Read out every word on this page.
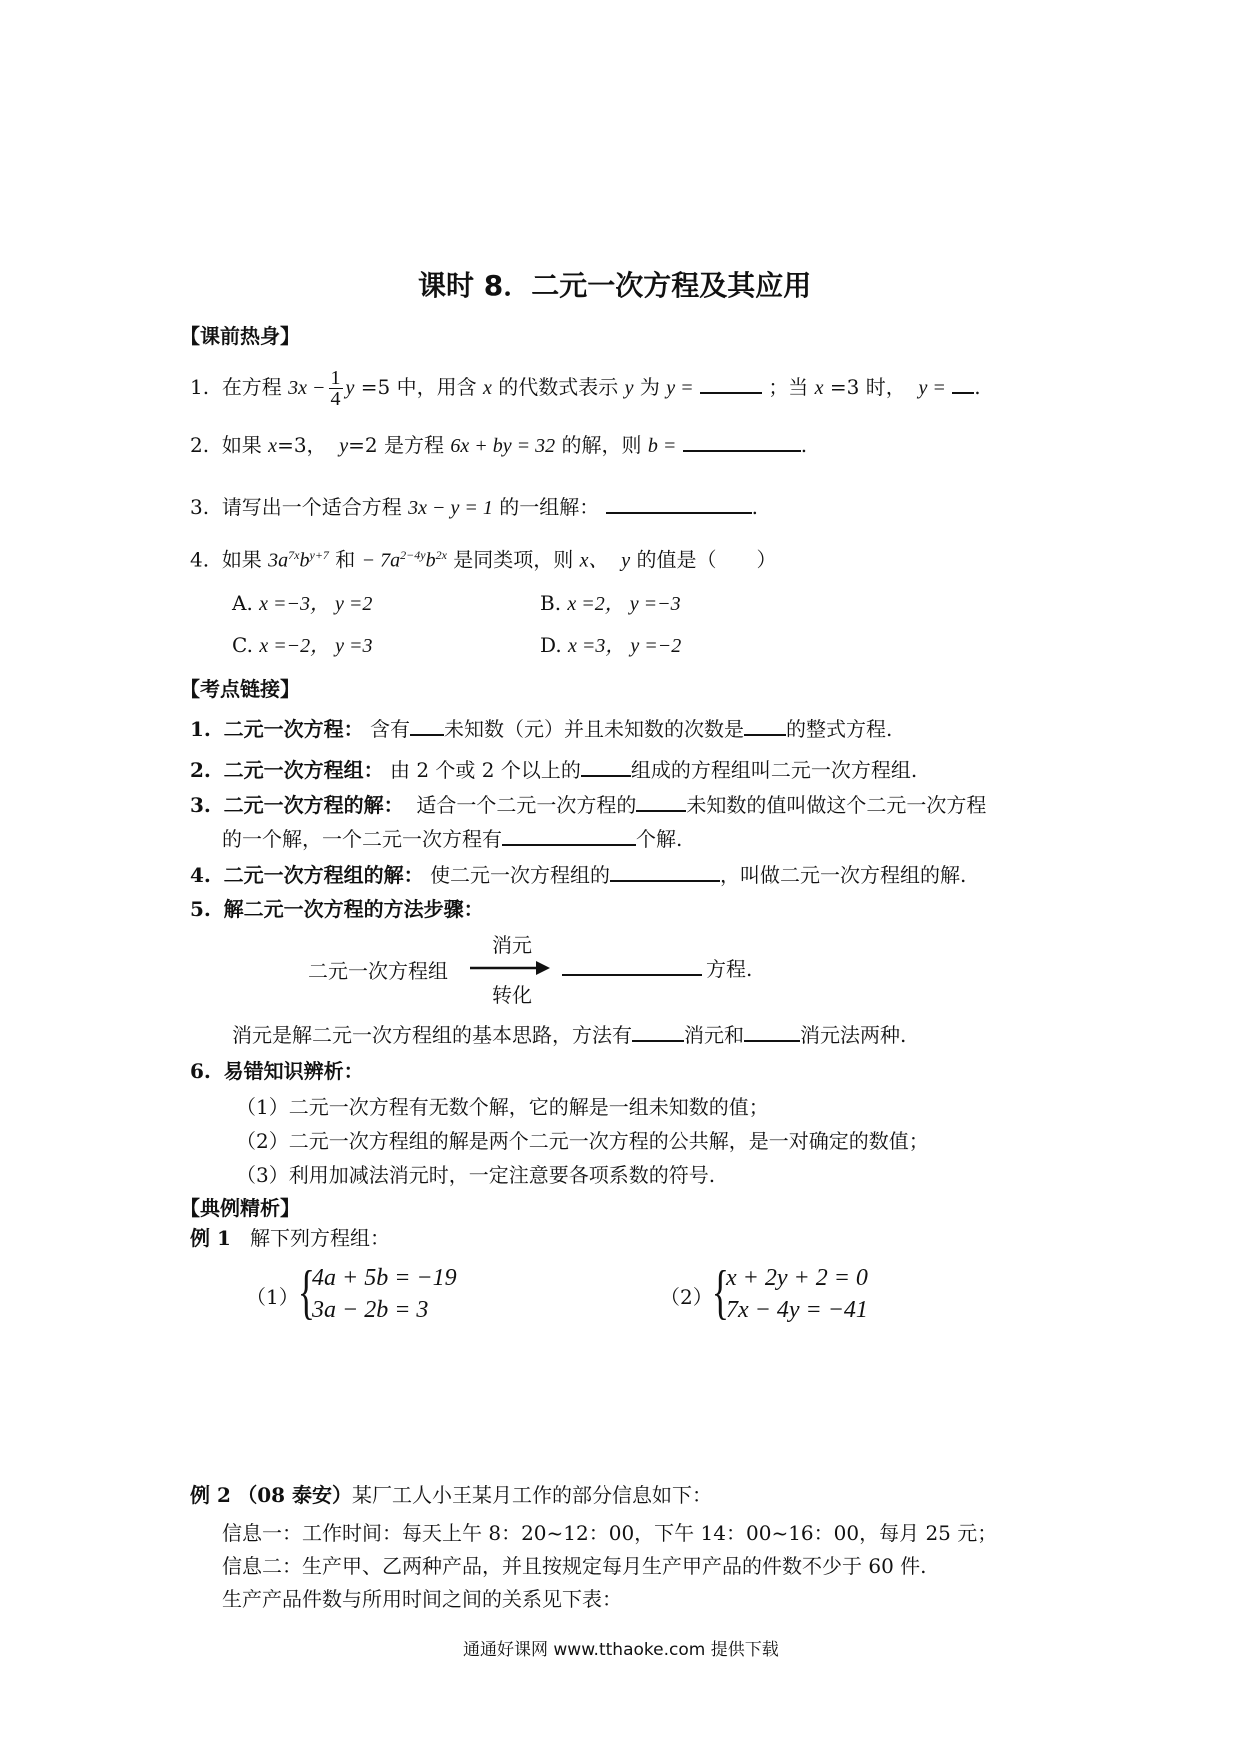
课时 8．二元一次方程及其应用
【课前热身】
1. 在方程 $3x - \frac{1}{4}$ y =5 中，用含 x 的代数式表示 y 为 y =	；当 x =3 时， y = .
2. 如果 x=3， y=2 是方程 6x + by = 32 的解，则 b =	.
3. 请写出一个适合方程 3x − y = 1 的一组解：	.
4. 如果 $3a^{7x}b^{y+7}$ 和 − $7a^{2-4y}b^{2x}$ 是同类项，则 x、 y 的值是（　　）
A. x =−3， y =2	B. x =2， y =−3
C. x =−2， y =3	D. x =3， y =−2
【考点链接】
1. 二元一次方程： 含有 未知数（元）并且未知数的次数是 的整式方程.
2. 二元一次方程组： 由 2 个或 2 个以上的	组成的方程组叫二元一次方程组.
3. 二元一次方程的解： 适合一个二元一次方程的	未知数的值叫做这个二元一次方程
的一个解，一个二元一次方程有	个解.
4. 二元一次方程组的解： 使二元一次方程组的	，叫做二元一次方程组的解.
5. 解二元一次方程的方法步骤：
二元一次方程组
消元
转化
方程.
消元是解二元一次方程组的基本思路，方法有	消元和	消元法两种.
6. 易错知识辨析：
（1）二元一次方程有无数个解，它的解是一组未知数的值；
（2）二元一次方程组的解是两个二元一次方程的公共解，是一对确定的数值；
（3）利用加减法消元时，一定注意要各项系数的符号.
【典例精析】
例 1 解下列方程组：
（1） {
4a + 5b = −19
3a − 2b = 3	（2） {
x + 2y + 2 = 0
7x − 4y = −41
例 2 （08 泰安）某厂工人小王某月工作的部分信息如下：
信息一：工作时间：每天上午 8：20~12：00，下午 14：00~16：00，每月 25 元；
信息二：生产甲、乙两种产品，并且按规定每月生产甲产品的件数不少于 60 件.
生产产品件数与所用时间之间的关系见下表：
通通好课网 www.tthaoke.com 提供下载
